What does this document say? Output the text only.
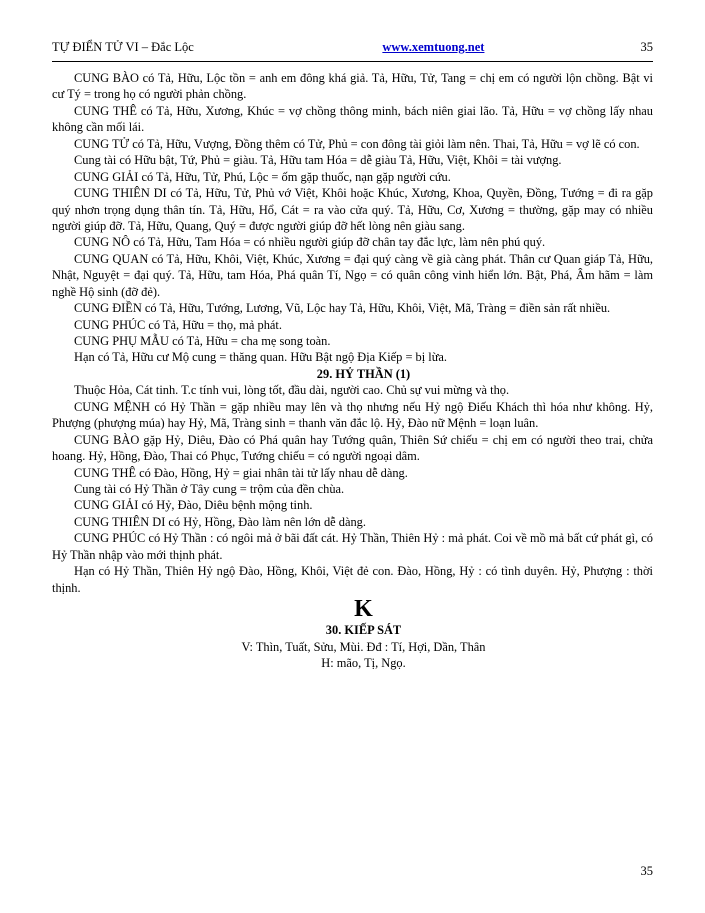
TỰ ĐIỂN TỬ VI – Đắc Lộc	www.xemtuong.net	35

CUNG BÀO có Tả, Hữu, Lộc tồn = anh em đông khá giả. Tả, Hữu, Tử, Tang = chị em có người lộn chồng. Bật vi cư Tý = trong họ có người phản chồng.

CUNG THÊ có Tả, Hữu, Xương, Khúc = vợ chồng thông minh, bách niên giai lão. Tả, Hữu = vợ chồng lấy nhau không cần mối lái.

CUNG TỬ có Tả, Hữu, Vượng, Đồng thêm có Tử, Phủ = con đông tài giỏi làm nên. Thai, Tả, Hữu = vợ lẽ có con.

Cung tài có Hữu bật, Tứ, Phủ = giàu. Tả, Hữu tam Hóa = dễ giàu Tả, Hữu, Việt, Khôi = tài vượng.

CUNG GIẢI có Tả, Hữu, Tử, Phú, Lộc = ốm gặp thuốc, nạn gặp người cứu.

CUNG THIÊN DI có Tả, Hữu, Tử, Phủ vớ Việt, Khôi hoặc Khúc, Xương, Khoa, Quyền, Đồng, Tướng = đi ra gặp quý nhơn trọng dụng thân tín. Tả, Hữu, Hổ, Cát = ra vào cửa quý. Tả, Hữu, Cơ, Xương = thường, gặp may có nhiều người giúp đỡ. Tả, Hữu, Quang, Quý = được người giúp đỡ hết lòng nên giàu sang.

CUNG NÔ có Tả, Hữu, Tam Hóa = có nhiều người giúp đỡ chân tay đắc lực, làm nên phú quý.

CUNG QUAN có Tả, Hữu, Khôi, Việt, Khúc, Xương = đại quý càng về già càng phát. Thân cư Quan giáp Tả, Hữu, Nhật, Nguyệt = đại quý. Tả, Hữu, tam Hóa, Phá quân Tí, Ngọ = có quân công vinh hiển lớn. Bật, Phá, Âm hãm = làm nghề Hộ sinh (đỡ đẻ).

CUNG ĐIỀN có Tả, Hữu, Tướng, Lương, Vũ, Lộc hay Tả, Hữu, Khôi, Việt, Mã, Tràng = điền sản rất nhiều.

CUNG PHÚC có Tả, Hữu = thọ, mả phát.

CUNG PHỤ MẪU có Tả, Hữu = cha mẹ song toàn.

Hạn có Tả, Hữu cư Mộ cung = thăng quan. Hữu Bật ngộ Địa Kiếp = bị lừa.

29. HỶ THẦN (1)

Thuộc Hỏa, Cát tinh. T.c tính vui, lòng tốt, đầu dài, người cao. Chủ sự vui mừng và thọ.

CUNG MỆNH có Hỷ Thần = gặp nhiều may lên và thọ nhưng nếu Hỷ ngộ Điếu Khách thì hóa như không. Hỷ, Phượng (phượng múa) hay Hỷ, Mã, Tràng sinh = thanh văn đắc lộ. Hỷ, Đào nữ Mệnh = loạn luân.

CUNG BÀO gặp Hỷ, Diêu, Đào có Phá quân hay Tướng quân, Thiên Sứ chiếu = chị em có người theo trai, chửa hoang. Hỷ, Hồng, Đào, Thai có Phục, Tướng chiếu = có người ngoại dâm.

CUNG THÊ có Đào, Hồng, Hỷ = giai nhân tài tử lấy nhau dễ dàng.

Cung tài có Hỷ Thần ở Tây cung = trộm của đền chùa.

CUNG GIẢI có Hỷ, Đào, Diêu bệnh mộng tinh.

CUNG THIÊN DI có Hỷ, Hồng, Đào làm nên lớn dễ dàng.

CUNG PHÚC có Hỷ Thần : có ngôi mả ở bãi đất cát. Hỷ Thần, Thiên Hỷ : mả phát. Coi về mồ mả bất cứ phát gì, có Hỷ Thần nhập vào mới thịnh phát.

Hạn có Hỷ Thần, Thiên Hỷ ngộ Đào, Hồng, Khôi, Việt đẻ con. Đào, Hồng, Hỷ : có tình duyên. Hỷ, Phượng : thời thịnh.

K

30. KIẾP SÁT

V: Thìn, Tuất, Sửu, Mùi. Đđ : Tí, Hợi, Dần, Thân

H: mão, Tị, Ngọ.

35
